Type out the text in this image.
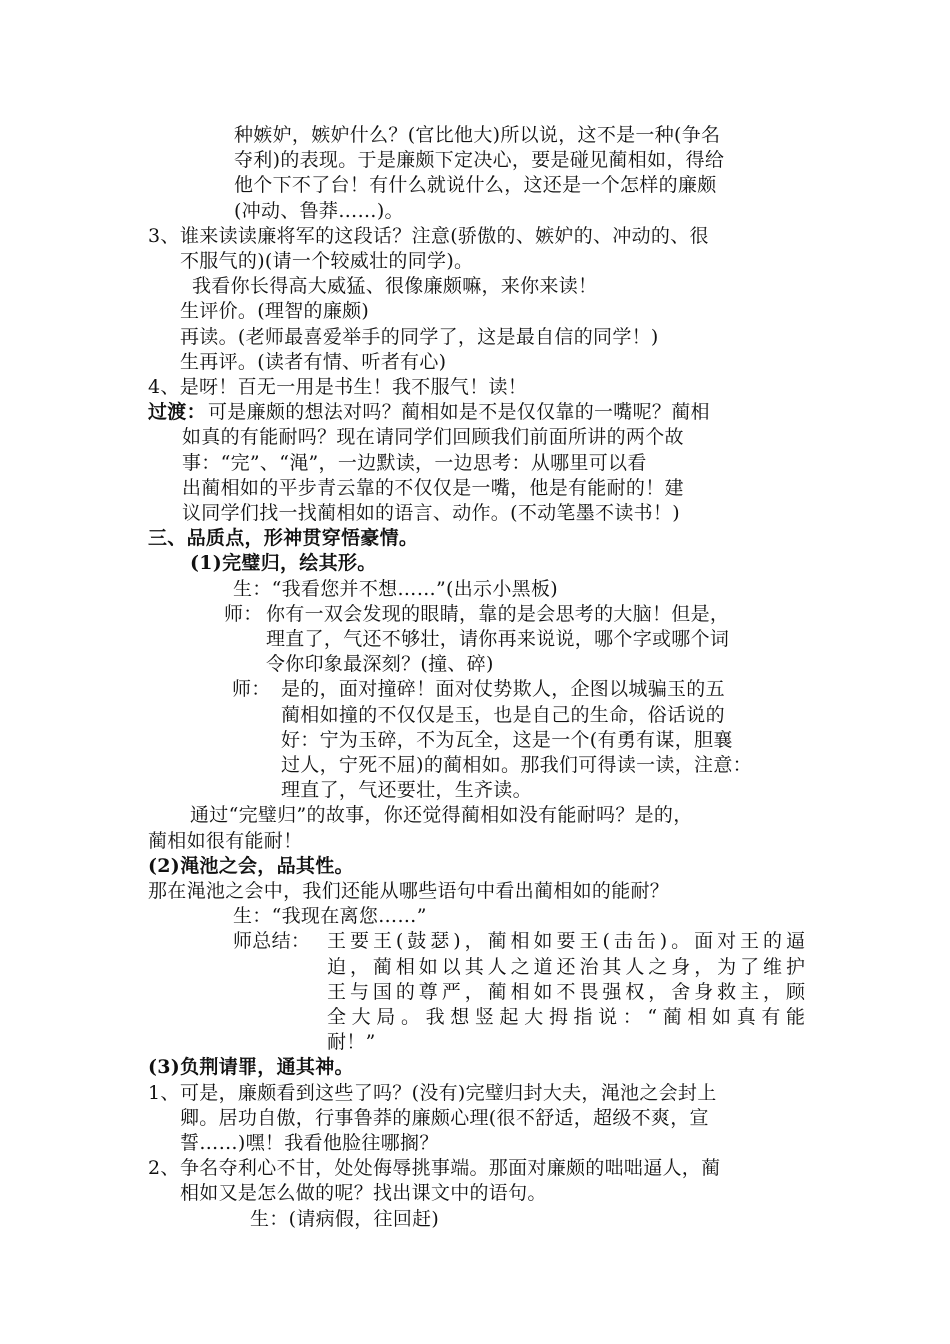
种嫉妒，嫉妒什么？(官比他大)所以说，这不是一种(争名
夺利)的表现。于是廉颇下定决心，要是碰见蔺相如，得给
他个下不了台！有什么就说什么，这还是一个怎样的廉颇
(冲动、鲁莽……)。
3、 谁来读读廉将军的这段话？注意(骄傲的、嫉妒的、冲动的、很
不服气的)(请一个较威壮的同学)。
我看你长得高大威猛、很像廉颇嘛，来你来读！
生评价。(理智的廉颇)
再读。(老师最喜爱举手的同学了，这是最自信的同学！)
生再评。(读者有情、听者有心)
4、是呀！百无一用是书生！我不服气！读！
过渡： 可是廉颇的想法对吗？蔺相如是不是仅仅靠的一嘴呢？蔺相
如真的有能耐吗？现在请同学们回顾我们前面所讲的两个故
事：“完”、“渑”，一边默读，一边思考：从哪里可以看
出蔺相如的平步青云靠的不仅仅是一嘴，他是有能耐的！建
议同学们找一找蔺相如的语言、动作。(不动笔墨不读书！)
三、品质点，形神贯穿悟豪情。
(1)完璧归，绘其形。
生：“我看您并不想……”(出示小黑板)
师： 你有一双会发现的眼睛，靠的是会思考的大脑！但是，
理直了，气还不够壮，请你再来说说，哪个字或哪个词
令你印象最深刻？(撞、碎)
师： 是的，面对撞碎！面对仗势欺人，企图以城骗玉的五
蔺相如撞的不仅仅是玉，也是自己的生命，俗话说的
好：宁为玉碎，不为瓦全，这是一个(有勇有谋，胆襄
过人，宁死不屈)的蔺相如。那我们可得读一读，注意：
理直了，气还要壮，生齐读。
通过“完璧归”的故事，你还觉得蔺相如没有能耐吗？是的，
蔺相如很有能耐！
(2)渑池之会，品其性。
那在渑池之会中，我们还能从哪些语句中看出蔺相如的能耐？
生：“我现在离您……”
师总结： 王要王(鼓瑟)，蔺相如要王(击缶)。面对王的逼
迫，蔺相如以其人之道还治其人之身，为了维护
王与国的尊严，蔺相如不畏强权，舍身救主，顾
全大局。我想竖起大拇指说：“蔺相如真有能
耐！”
(3)负荆请罪，通其神。
1、 可是，廉颇看到这些了吗？(没有)完璧归封大夫，渑池之会封上
卿。居功自傲，行事鲁莽的廉颇心理(很不舒适，超级不爽，宣
誓……)嘿！我看他脸往哪搁？
2、 争名夺利心不甘，处处侮辱挑事端。那面对廉颇的咄咄逼人，蔺
相如又是怎么做的呢？找出课文中的语句。
生：(请病假，往回赶)
